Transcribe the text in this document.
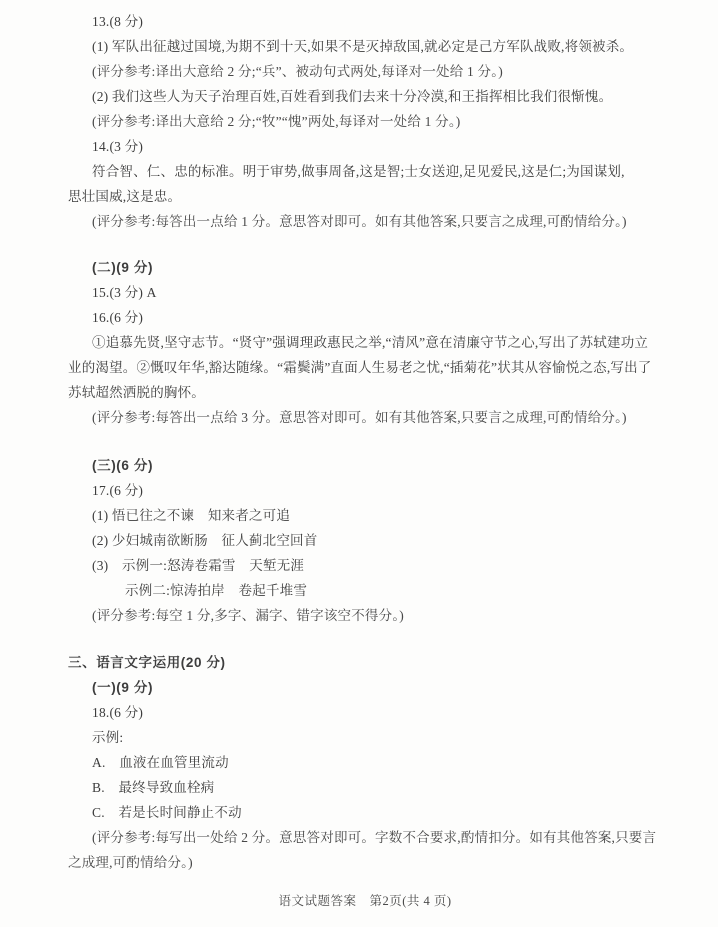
13.(8 分)
(1) 军队出征越过国境,为期不到十天,如果不是灭掉敌国,就必定是己方军队战败,将领被杀。
(评分参考:译出大意给 2 分;“兵”、被动句式两处,每译对一处给 1 分。)
(2) 我们这些人为天子治理百姓,百姓看到我们去来十分冷漠,和王指挥相比我们很惭愧。
(评分参考:译出大意给 2 分;“牧”“愧”两处,每译对一处给 1 分。)
14.(3 分)
符合智、仁、忠的标准。明于审势,做事周备,这是智;士女送迎,足见爱民,这是仁;为国谋划,
思壮国威,这是忠。
(评分参考:每答出一点给 1 分。意思答对即可。如有其他答案,只要言之成理,可酌情给分。)
(二)(9 分)
15.(3 分) A
16.(6 分)
①追慕先贤,坚守志节。“贤守”强调理政惠民之举,“清风”意在清廉守节之心,写出了苏轼建功立
业的渴望。②慨叹年华,豁达随缘。“霜鬓满”直面人生易老之忧,“插菊花”状其从容愉悦之态,写出了
苏轼超然洒脱的胸怀。
(评分参考:每答出一点给 3 分。意思答对即可。如有其他答案,只要言之成理,可酌情给分。)
(三)(6 分)
17.(6 分)
(1) 悟已往之不谏　知来者之可追
(2) 少妇城南欲断肠　征人蓟北空回首
(3)　示例一:怒涛卷霜雪　天堑无涯
示例二:惊涛拍岸　卷起千堆雪
(评分参考:每空 1 分,多字、漏字、错字该空不得分。)
三、语言文字运用(20 分)
(一)(9 分)
18.(6 分)
示例:
A.　血液在血管里流动
B.　最终导致血栓病
C.　若是长时间静止不动
(评分参考:每写出一处给 2 分。意思答对即可。字数不合要求,酌情扣分。如有其他答案,只要言
之成理,可酌情给分。)
语文试题答案　第2页(共 4 页)
